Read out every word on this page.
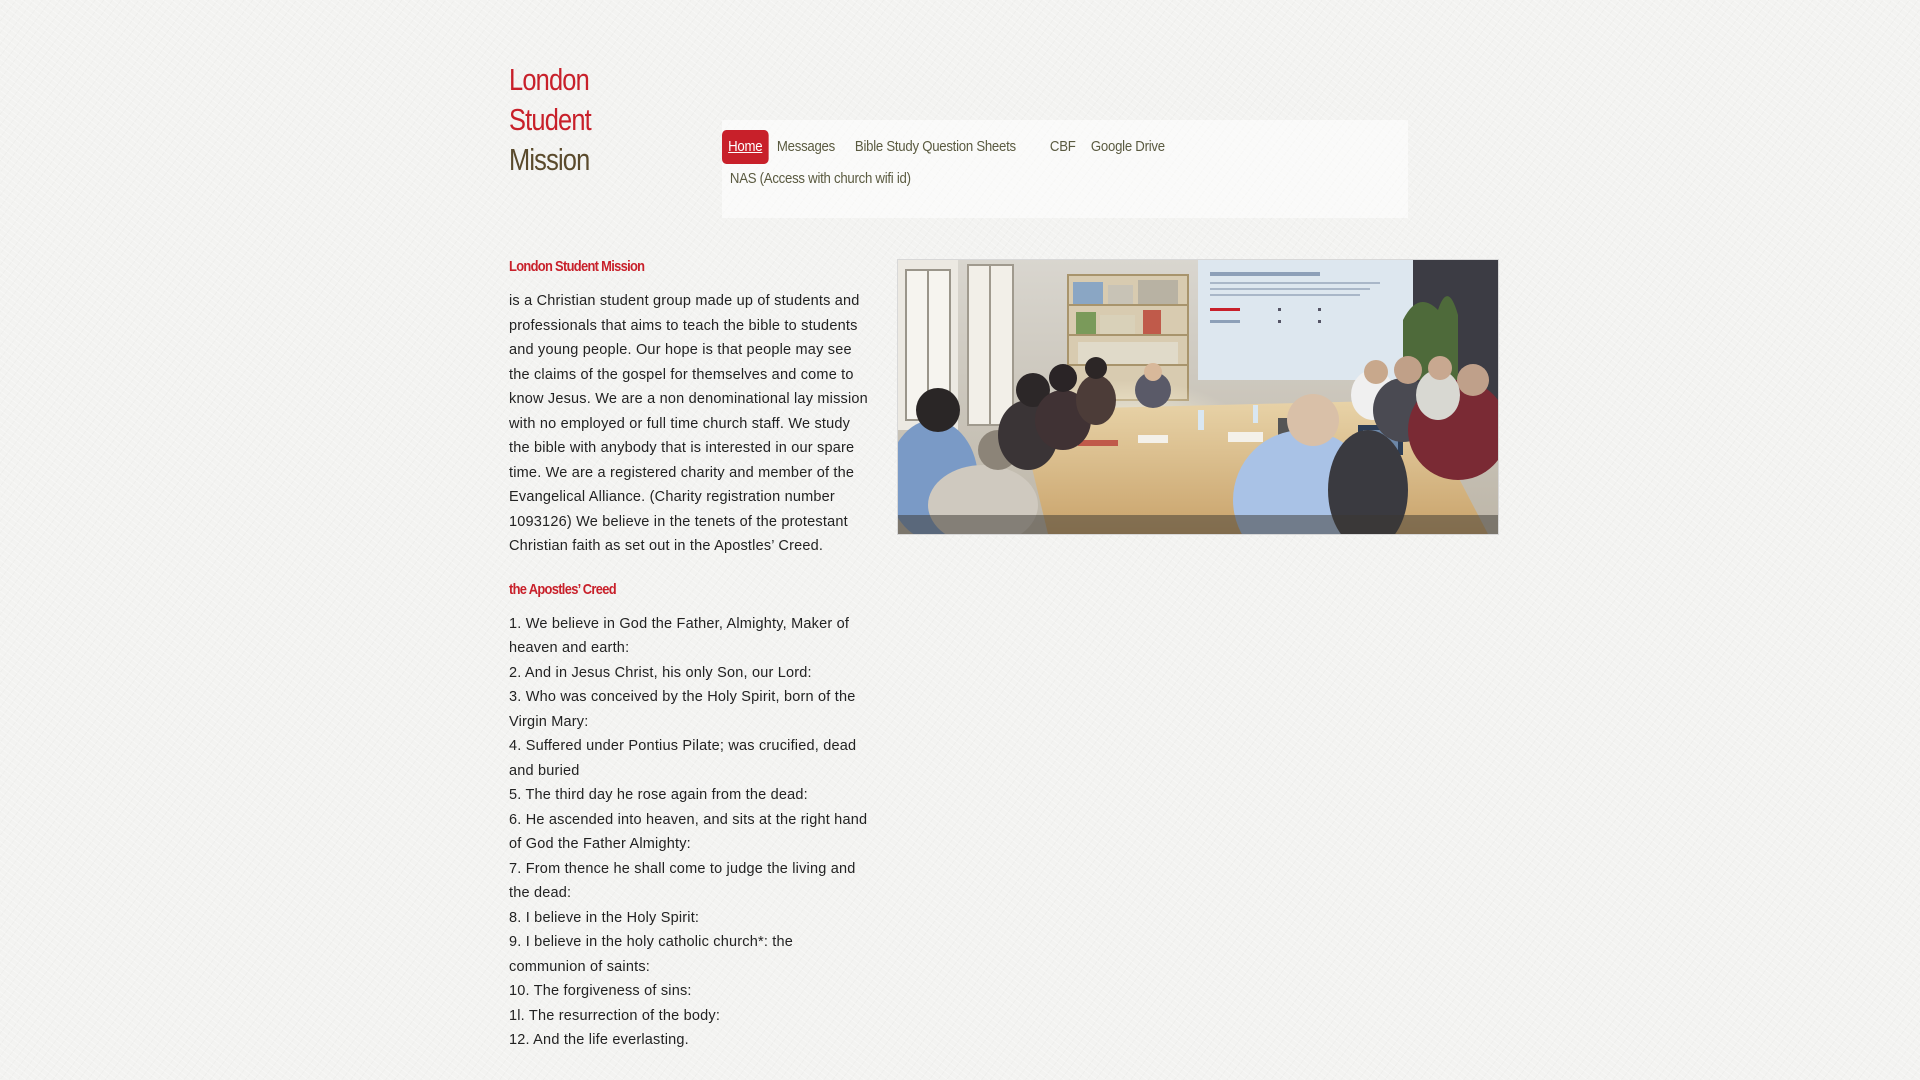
London
Student
Mission	Home Messages	Bible Study Question Sheets	CBF	Google Drive
NAS (Access with church wifi id)
London Student Mission

is a Christian student group made up of students and professionals that aims to teach the bible to students and young people. Our hope is that people may see the claims of the gospel for themselves and come to know Jesus. We are a non denominational lay mission with no employed or full time church staff. We study the bible with anybody that is interested in our spare time. We are a registered charity and member of the Evangelical Alliance. (Charity registration number 1093126) We believe in the tenets of the protestant Christian faith as set out in the Apostles’ Creed.

the Apostles’ Creed
1. We believe in God the Father, Almighty, Maker of heaven and earth:
2. And in Jesus Christ, his only Son, our Lord:
3. Who was conceived by the Holy Spirit, born of the Virgin Mary:
4. Suffered under Pontius Pilate; was crucified, dead and buried
5. The third day he rose again from the dead:
6. He ascended into heaven, and sits at the right hand of God the Father Almighty:
7. From thence he shall come to judge the living and the dead:
8. I believe in the Holy Spirit:
9. I believe in the holy catholic church*: the communion of saints:
10. The forgiveness of sins:
1l. The resurrection of the body:
12. And the life everlasting.
